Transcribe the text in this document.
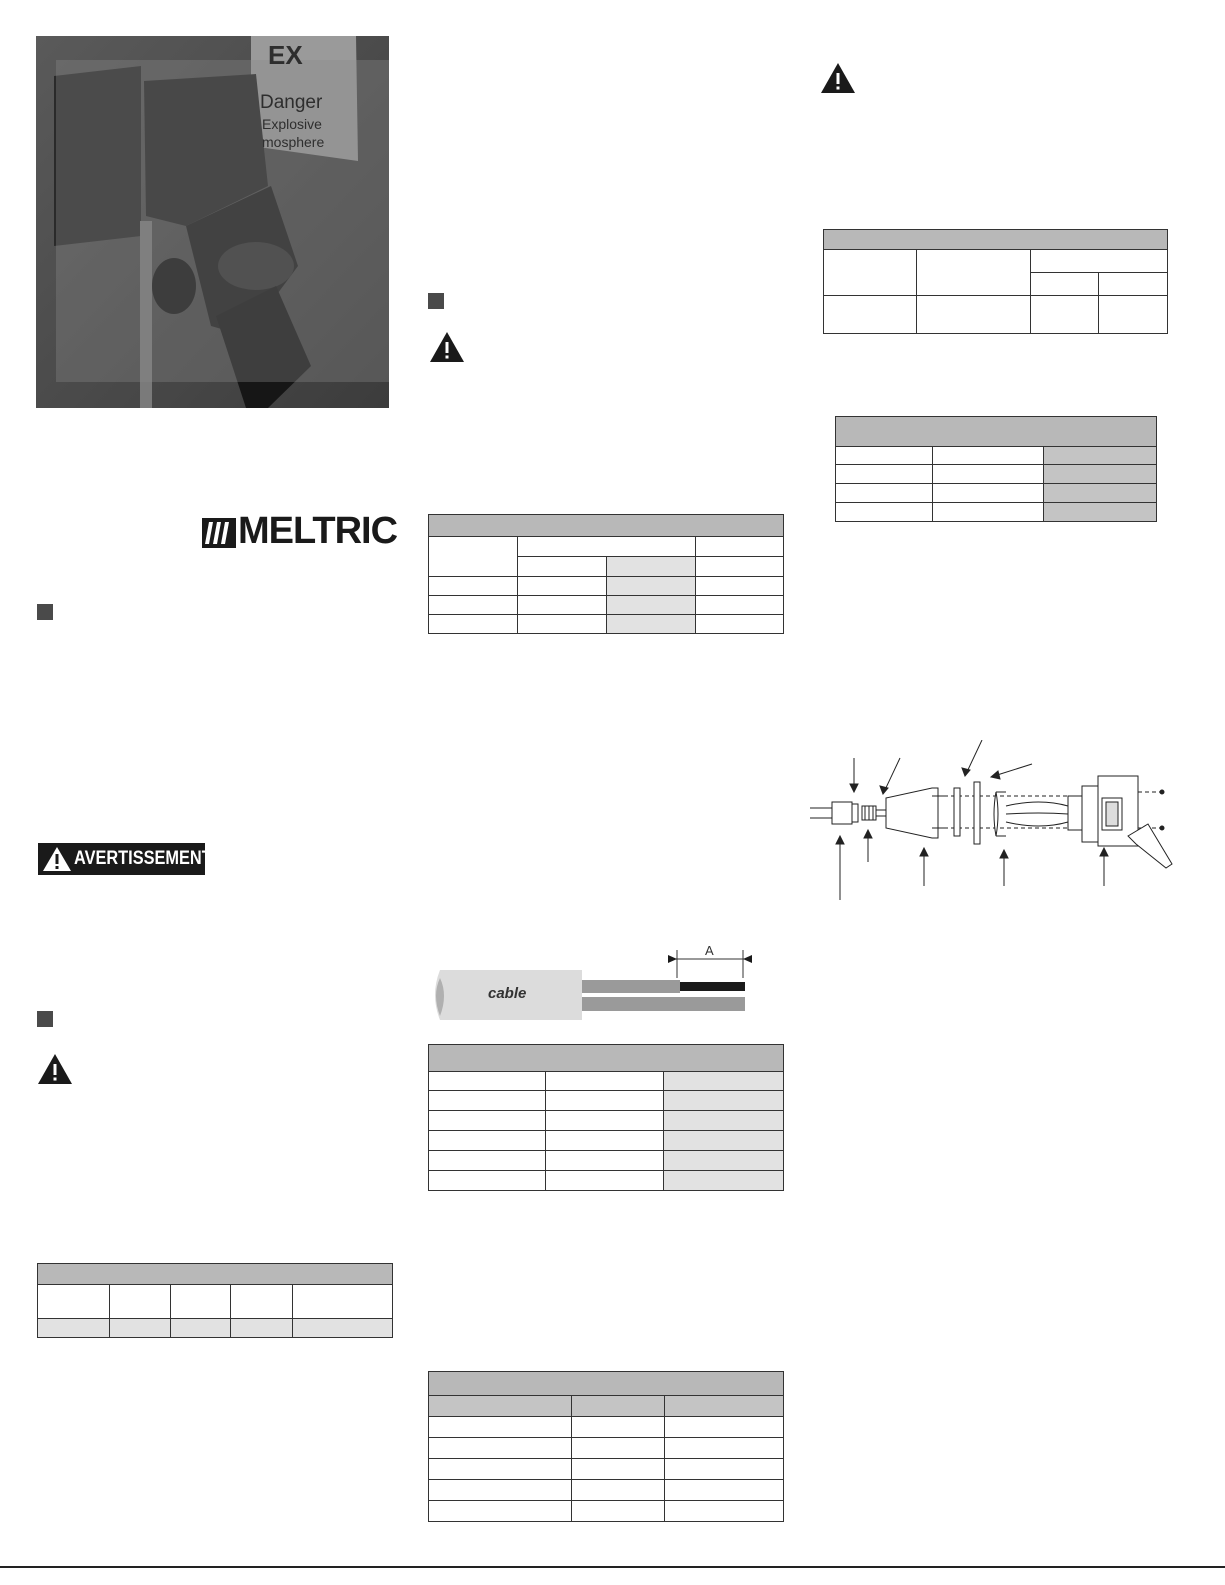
EX
Danger
Explosive
mosphere
MELTRIC
AVERTISSEMENT

cable
A
